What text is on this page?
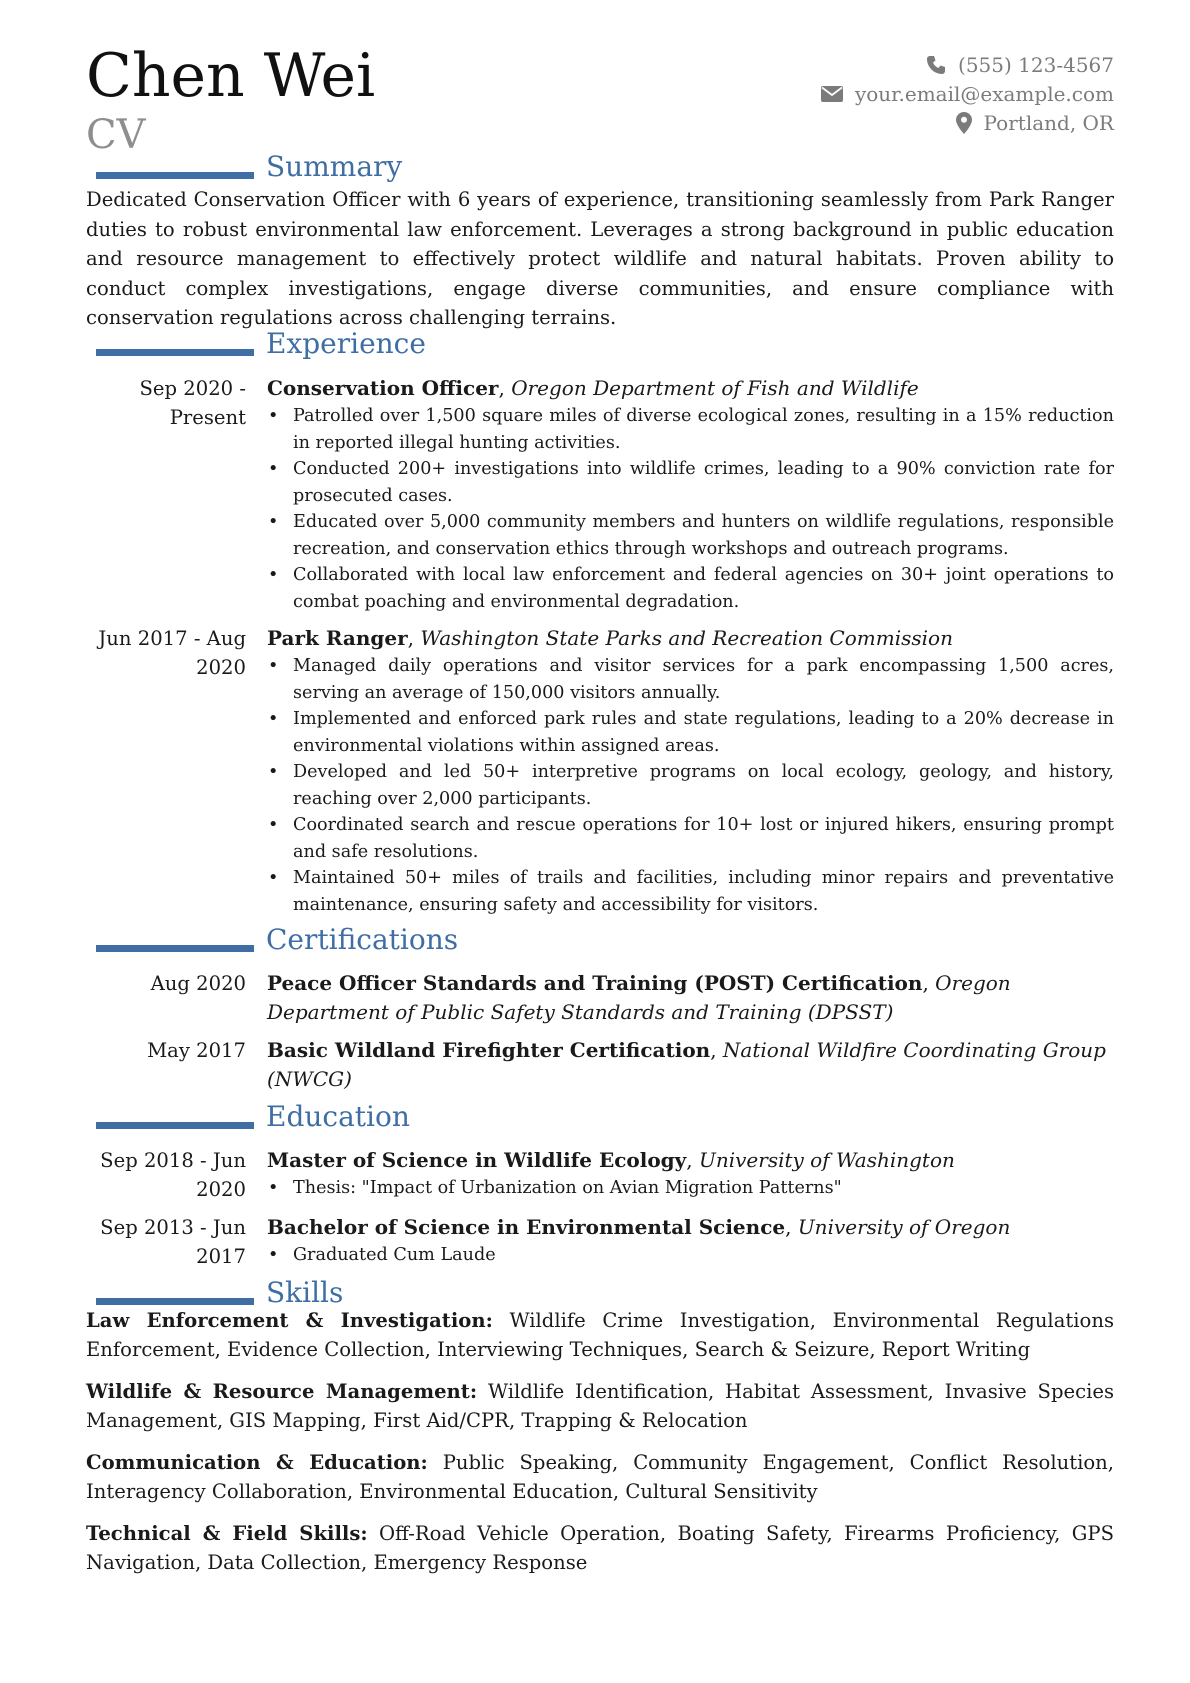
Chen Wei
CV
(555) 123-4567
your.email@example.com
Portland, OR
Summary
Dedicated Conservation Officer with 6 years of experience, transitioning seamlessly from Park Ranger duties to robust environmental law enforcement. Leverages a strong background in public education and resource management to effectively protect wildlife and natural habitats. Proven ability to conduct complex investigations, engage diverse communities, and ensure compliance with conservation regulations across challenging terrains.
Experience
Sep 2020 - Present
Conservation Officer, Oregon Department of Fish and Wildlife
• Patrolled over 1,500 square miles of diverse ecological zones, resulting in a 15% reduction in reported illegal hunting activities.
• Conducted 200+ investigations into wildlife crimes, leading to a 90% conviction rate for prosecuted cases.
• Educated over 5,000 community members and hunters on wildlife regulations, responsible recreation, and conservation ethics through workshops and outreach programs.
• Collaborated with local law enforcement and federal agencies on 30+ joint operations to combat poaching and environmental degradation.
Jun 2017 - Aug 2020
Park Ranger, Washington State Parks and Recreation Commission
• Managed daily operations and visitor services for a park encompassing 1,500 acres, serving an average of 150,000 visitors annually.
• Implemented and enforced park rules and state regulations, leading to a 20% decrease in environmental violations within assigned areas.
• Developed and led 50+ interpretive programs on local ecology, geology, and history, reaching over 2,000 participants.
• Coordinated search and rescue operations for 10+ lost or injured hikers, ensuring prompt and safe resolutions.
• Maintained 50+ miles of trails and facilities, including minor repairs and preventative maintenance, ensuring safety and accessibility for visitors.
Certifications
Aug 2020 Peace Officer Standards and Training (POST) Certification, Oregon Department of Public Safety Standards and Training (DPSST)
May 2017 Basic Wildland Firefighter Certification, National Wildfire Coordinating Group (NWCG)
Education
Sep 2018 - Jun 2020
Master of Science in Wildlife Ecology, University of Washington
• Thesis: "Impact of Urbanization on Avian Migration Patterns"
Sep 2013 - Jun 2017
Bachelor of Science in Environmental Science, University of Oregon
• Graduated Cum Laude
Skills
Law Enforcement & Investigation: Wildlife Crime Investigation, Environmental Regulations Enforcement, Evidence Collection, Interviewing Techniques, Search & Seizure, Report Writing
Wildlife & Resource Management: Wildlife Identification, Habitat Assessment, Invasive Species Management, GIS Mapping, First Aid/CPR, Trapping & Relocation
Communication & Education: Public Speaking, Community Engagement, Conflict Resolution, Interagency Collaboration, Environmental Education, Cultural Sensitivity
Technical & Field Skills: Off-Road Vehicle Operation, Boating Safety, Firearms Proficiency, GPS Navigation, Data Collection, Emergency Response
